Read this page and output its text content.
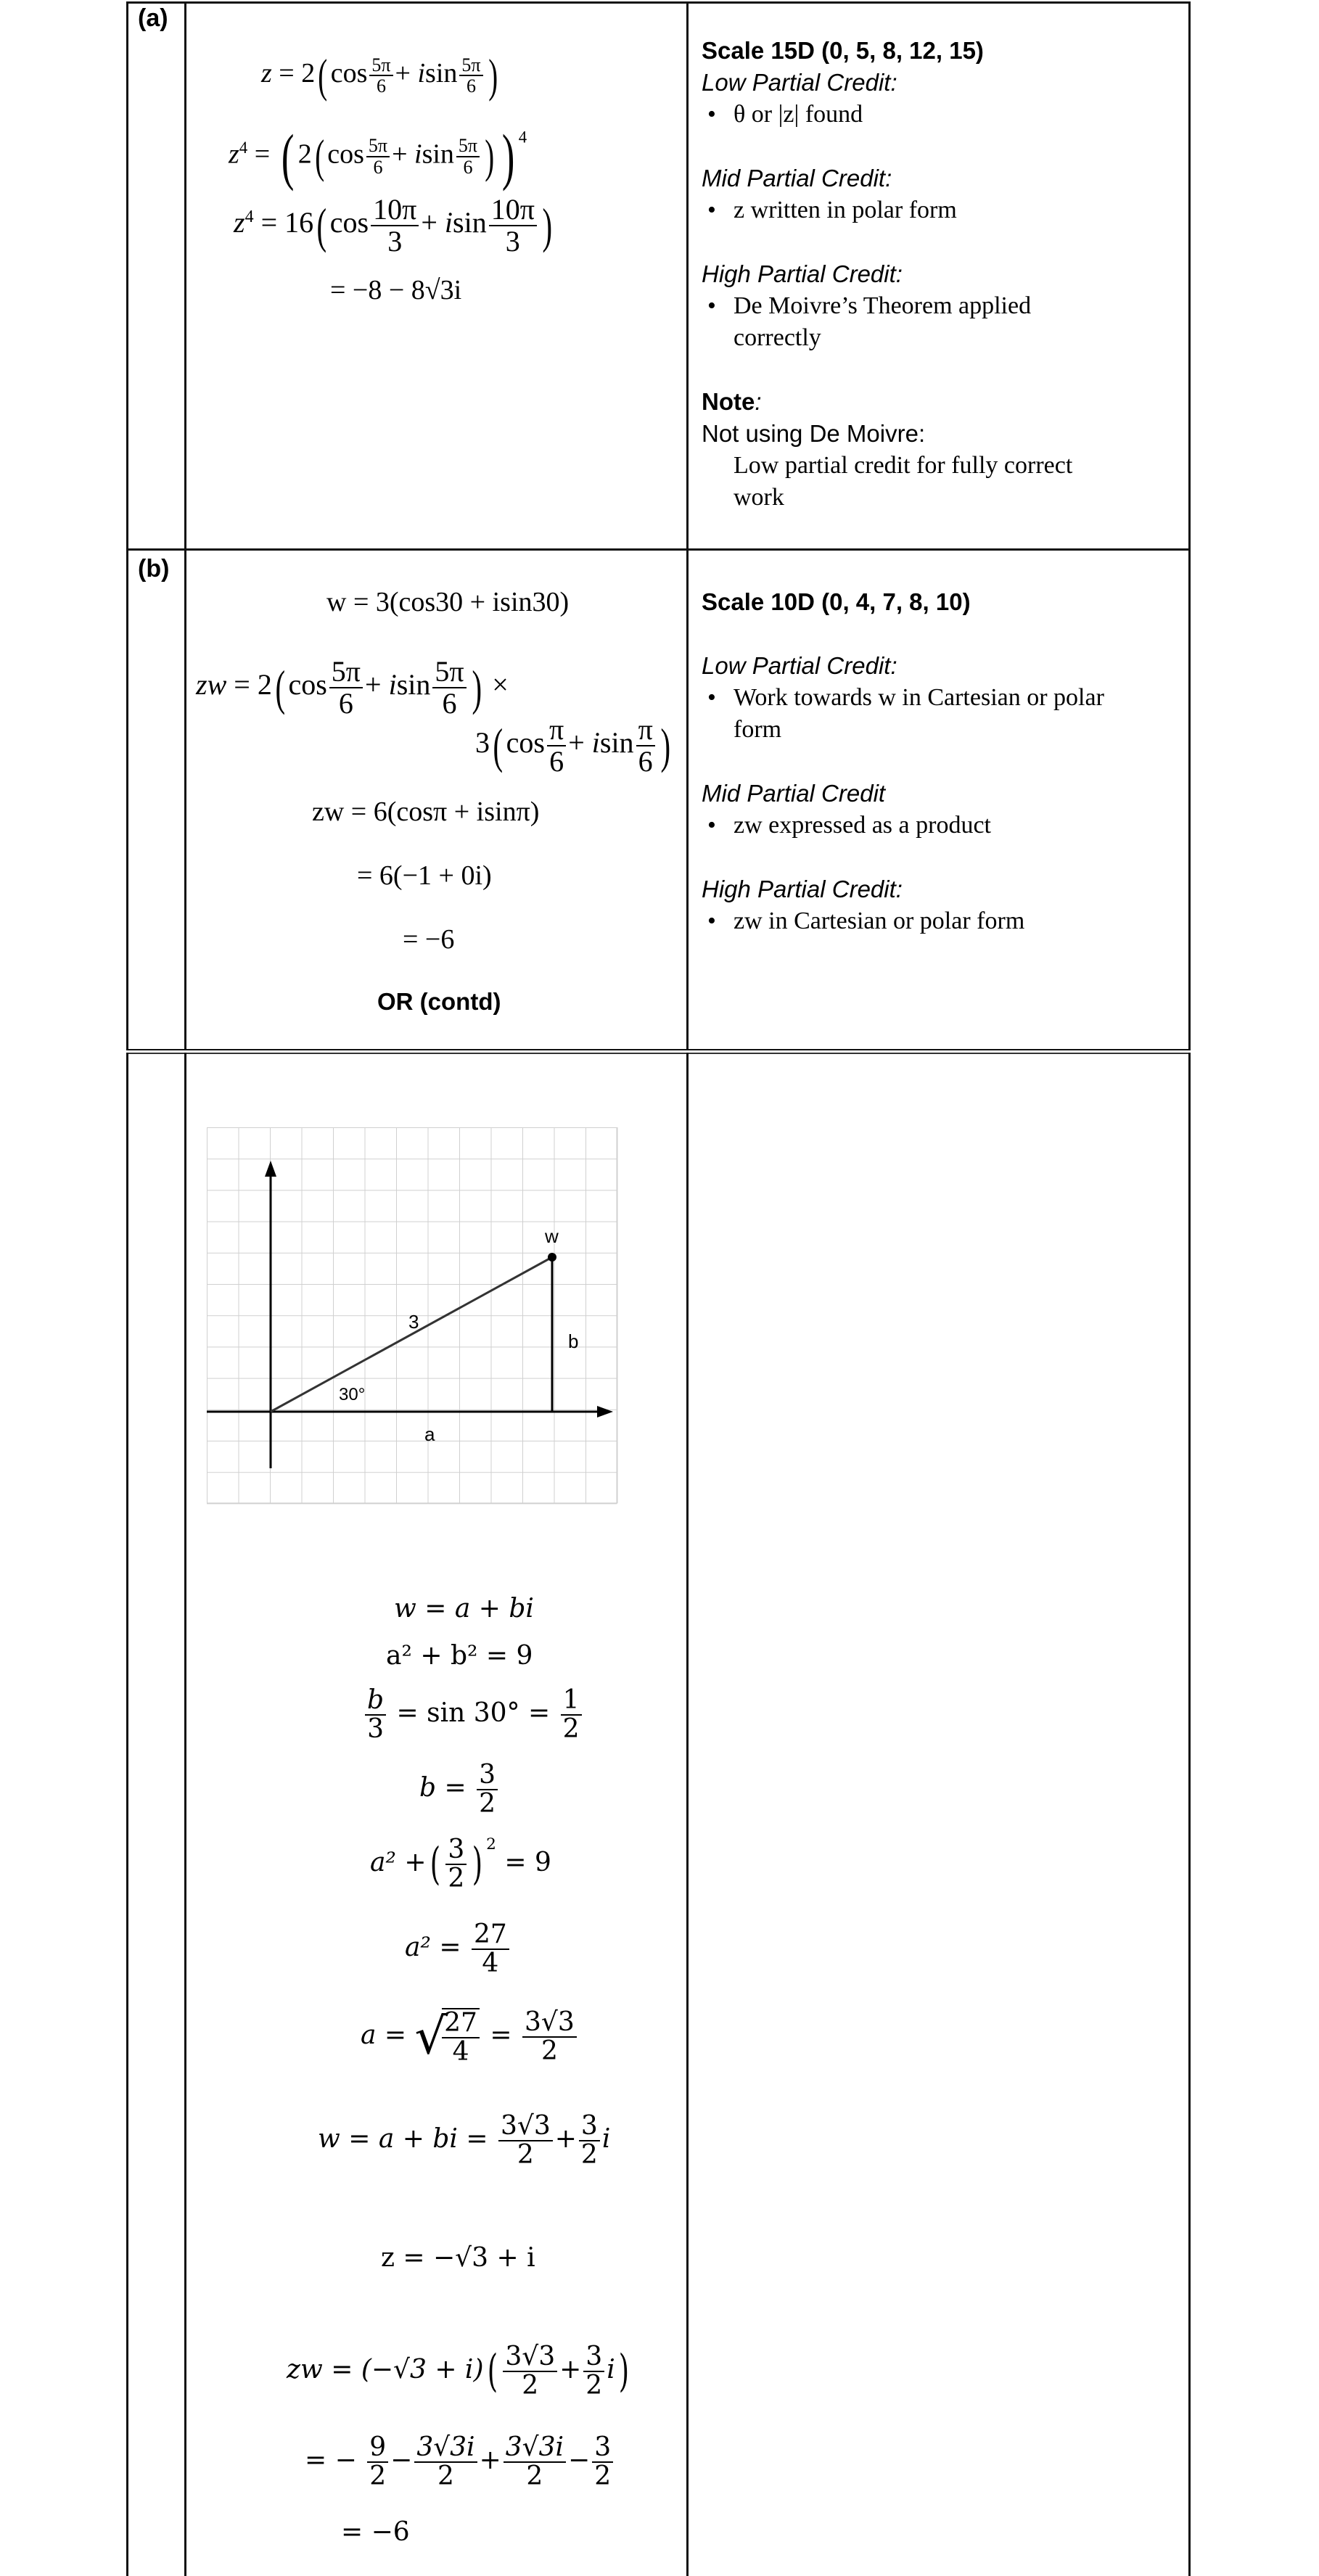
(a)
z = 2( $\cos \frac{5\pi}{6} + isin \frac{5\pi}{6}$ )
$z^4$ = ( 2( $\cos \frac{5\pi}{6} + isin \frac{5\pi}{6}$ ) ) $^4$
$z^4 = 16$( $\cos \frac{10\pi}{3} + isin \frac{10\pi}{3}$ )
= −8 − 8√3i
Scale 15D (0, 5, 8, 12, 15)
Low Partial Credit:
• θ or |z| found
Mid Partial Credit:
• z written in polar form
High Partial Credit:
• De Moivre’s Theorem applied
correctly
Note:
Not using De Moivre:
Low partial credit for fully correct
work
(b)
w = 3(cos30 + isin30)
zw = 2( $\cos \frac{5\pi}{6} + isin \frac{5\pi}{6}$ ) ×
3( $\cos \frac{\pi}{6} + isin \frac{\pi}{6}$ )
zw = 6(cosπ + isinπ)
= 6(−1 + 0i)
= −6
OR (contd)
Scale 10D (0, 4, 7, 8, 10)
Low Partial Credit:
• Work towards w in Cartesian or polar
form
Mid Partial Credit
• zw expressed as a product
High Partial Credit:
• zw in Cartesian or polar form
w
3
b
a
30°
w = a + bi
a² + b² = 9
$\frac{b}{3} = \sin 30^\circ = \frac{1}{2}$
$b = \frac{3}{2}$
a² +( $\frac{3}{2}$ ) $^2$ = 9
$a^2 = \frac{27}{4}$
a = √
$\frac{27}{4} = \frac{3√3}{2}$
w = a + bi = $\frac{3√3}{2} + \frac{3}{2}$ i
z = −√3 + i
zw = $(-√3 + i)( \frac{3√3}{2} + \frac{3}{2} i)$
= − $\frac{9}{2} - \frac{3√3i}{2} + \frac{3√3i}{2} - \frac{3}{2}$
= −6
